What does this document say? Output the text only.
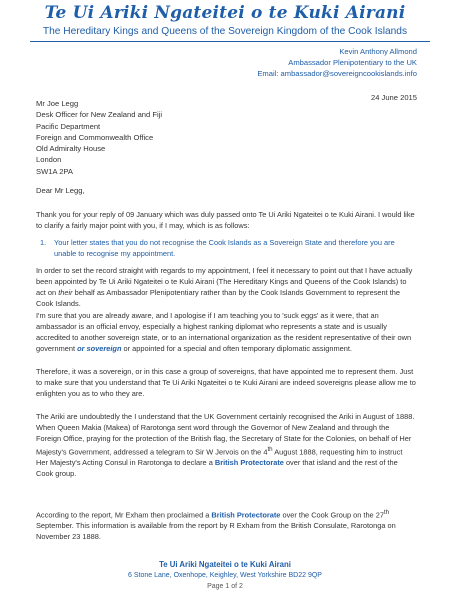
Te Ui Ariki Ngateitei o te Kuki Airani
The Hereditary Kings and Queens of the Sovereign Kingdom of the Cook Islands
Kevin Anthony Allmond
Ambassador Plenipotentiary to the UK
Email: ambassador@sovereigncookislands.info
24 June 2015
Mr Joe Legg
Desk Officer for New Zealand and Fiji
Pacific Department
Foreign and Commonwealth Office
Old Admiralty House
London
SW1A 2PA
Dear Mr Legg,
Thank you for your reply of 09 January which was duly passed onto Te Ui Ariki Ngateitei o te Kuki Airani. I would like to clarify a fairly major point with you, if I may, which is as follows:
1. Your letter states that you do not recognise the Cook Islands as a Sovereign State and therefore you are unable to recognise my appointment.
In order to set the record straight with regards to my appointment, I feel it necessary to point out that I have actually been appointed by Te Ui Ariki Ngateitei o te Kuki Airani (The Hereditary Kings and Queens of the Cook Islands) to act on their behalf as Ambassador Plenipotentiary rather than by the Cook Islands Government to represent the Cook Islands.
I'm sure that you are already aware, and I apologise if I am teaching you to 'suck eggs' as it were, that an ambassador is an official envoy, especially a highest ranking diplomat who represents a state and is usually accredited to another sovereign state, or to an international organization as the resident representative of their own government or sovereign or appointed for a special and often temporary diplomatic assignment.
Therefore, it was a sovereign, or in this case a group of sovereigns, that have appointed me to represent them. Just to make sure that you understand that Te Ui Ariki Ngateitei o te Kuki Airani are indeed sovereigns please allow me to enlighten you as to who they are.
The Ariki are undoubtedly the I understand that the UK Government certainly recognised the Ariki in August of 1888. When Queen Makia (Makea) of Rarotonga sent word through the Governor of New Zealand and through the Foreign Office, praying for the protection of the British flag, the Secretary of State for the Colonies, on behalf of Her Majesty's Government, addressed a telegram to Sir W Jervois on the 4th August 1888, requesting him to instruct Her Majesty's Acting Consul in Rarotonga to declare a British Protectorate over that island and the rest of the Cook group.
According to the report, Mr Exham then proclaimed a British Protectorate over the Cook Group on the 27th September. This information is available from the report by R Exham from the British Consulate, Rarotonga on November 23 1888.
Te Ui Ariki Ngateitei o te Kuki Airani
6 Stone Lane, Oxenhope, Keighley, West Yorkshire BD22 9QP
Page 1 of 2
